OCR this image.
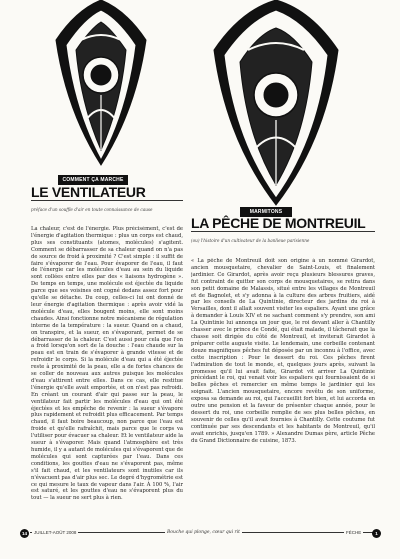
COMMENT ÇA MARCHE
LE VENTILATEUR
préface d'un souffle d'air en toute connaissance de cause

La chaleur, c'est de l'énergie. Plus précisément, c'est de l'énergie d'agitation thermique : plus un corps est chaud, plus ses constituants (atomes, molécules) s'agitent. Comment se débarrasser de sa chaleur quand on n'a pas de source de froid à proximité ? C'est simple : il suffit de faire s'évaporer de l'eau. Pour évaporer de l'eau, il faut de l'énergie car les molécules d'eau au sein du liquide sont collées entre elles par des « liaisons hydrogène ». De temps en temps, une molécule est éjectée du liquide parce que ses voisines ont cogné dedans assez fort pour qu'elle se détache. Du coup, celles-ci lui ont donné de leur énergie d'agitation thermique : après avoir vidé la molécule d'eau, elles bougent moins, elle sont moins chaudes. Ainsi fonctionne notre mécanisme de régulation interne de la température : la sueur. Quand on a chaud, on transpire, et la sueur, en s'évaporant, permet de se débarrasser de la chaleur. C'est aussi pour cela que l'on a froid lorsqu'on sort de la douche : l'eau chaude sur la peau est en train de s'évaporer à grande vitesse et de refroidir le corps. Si la molécule d'eau qui a été éjectée reste à proximité de la peau, elle a de fortes chances de se coller de nouveau aux autres puisque les molécules d'eau s'attirent entre elles. Dans ce cas, elle restitue l'énergie qu'elle avait emportée, et on n'est pas refroidi. En créant un courant d'air qui passe sur la peau, le ventilateur fait partir les molécules d'eau qui ont été éjectées et les empêche de revenir : la sueur s'évapore plus rapidement et refroidit plus efficacement. Par temps chaud, il faut boire beaucoup, non parce que l'eau est froide et qu'elle rafraîchit, mais parce que le corps va l'utiliser pour évacuer sa chaleur. Et le ventilateur aide la sueur à s'évaporer. Mais quand l'atmosphère est très humide, il y a autant de molécules qui s'évaporent que de molécules qui sont capturées par l'eau. Dans ces conditions, les gouttes d'eau ne s'évaporent pas, même s'il fait chaud, et les ventilateurs sont inutiles car ils n'évacuent pas d'air plus sec. Le degré d'hygrométrie est ce qui mesure le taux de vapeur dans l'air. À 100 %, l'air est saturé, et les gouttes d'eau ne s'évaporent plus du tout — la sueur ne sert plus à rien.

MARMITONS
LA PÊCHE DE MONTREUIL
(ou) l'histoire d'un cultivateur de la banlieue parisienne

« La pêche de Montreuil doit son origine à un nommé Girardot, ancien mousquetaire, chevalier de Saint-Louis, et finalement jardinier. Ce Girardot, après avoir reçu plusieurs blessures graves, fut contraint de quitter son corps de mousquetaires, se retira dans son petit domaine de Malassis, situé entre les villages de Montreuil et de Bagnolet, et s'y adonna à la culture des arbres fruitiers, aidé par les conseils de La Quintinie, directeur des jardins du roi à Versailles, dont il allait souvent visiter les espaliers. Ayant une grâce à demander à Louis XIV et ne sachant comment s'y prendre, son ami La Quintinie lui annonça un jour que, le roi devant aller à Chantilly chasser avec le prince de Condé, qui était malade, il tâcherait que la chasse soit dirigée du côté de Montreuil, et inviterait Girardot à préparer cette auguste visite. Le lendemain, une corbeille contenant douze magnifiques pêches fut déposée par un inconnu à l'office, avec cette inscription : Pour le dessert du roi. Ces pêches firent l'admiration de tout le monde, et, quelques jours après, suivant la promesse qu'il lui avait faite, Girardot vit arriver La Quintinie précédant le roi, qui venait voir les espaliers qui fournissaient de si belles pêches et remercier en même temps le jardinier qui les soignait. L'ancien mousquetaire, encore revêtu de son uniforme, exposa sa demande au roi, qui l'accueillit fort bien, et lui accorda en outre une pension et la faveur de présenter chaque année, pour le dessert du roi, une corbeille remplie de ses plus belles pêches, en souvenir de celles qu'il avait fournies à Chantilly. Cette coutume fut continuée par ses descendants et les habitants de Montreuil, qu'il avait enrichis, jusqu'en 1789. » Alexandre Dumas père, article Pêche du Grand Dictionnaire de cuisine, 1873.

14	JUILLET-AOÛT 2008	Bouche qui plonge, cœur qui rit	FÉCHE	1
